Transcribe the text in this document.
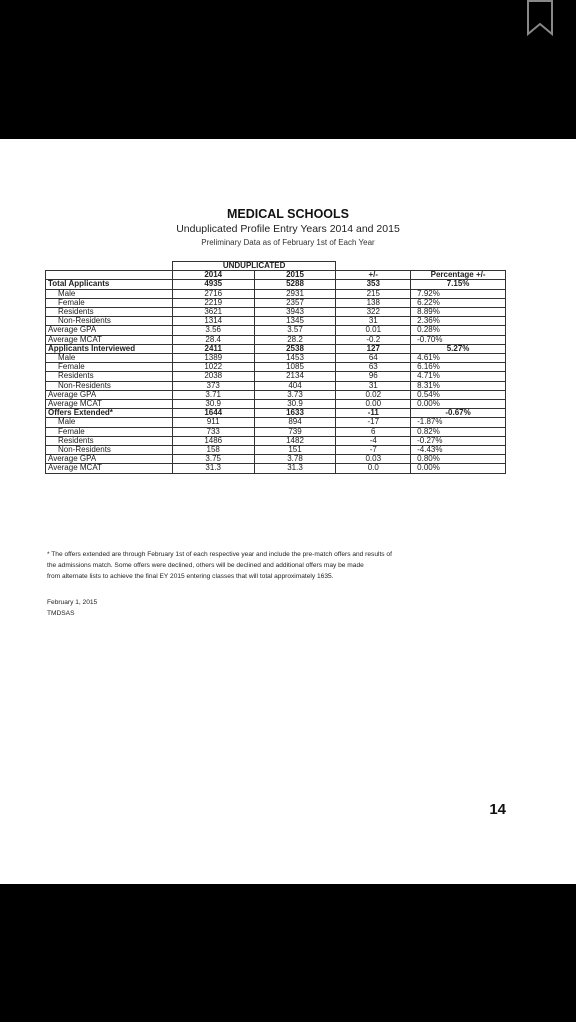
MEDICAL SCHOOLS
Unduplicated Profile Entry Years 2014 and 2015
Preliminary Data as of February 1st of Each Year
	UNDUPLICATED			
	2014	2015	+/-	Percentage +/-
Total Applicants	4935	5288	353	7.15%
Male	2716	2931	215	7.92%
Female	2219	2357	138	6.22%
Residents	3621	3943	322	8.89%
Non-Residents	1314	1345	31	2.36%
Average GPA	3.56	3.57	0.01	0.28%
Average MCAT	28.4	28.2	-0.2	-0.70%
Applicants Interviewed	2411	2538	127	5.27%
Male	1389	1453	64	4.61%
Female	1022	1085	63	6.16%
Residents	2038	2134	96	4.71%
Non-Residents	373	404	31	8.31%
Average GPA	3.71	3.73	0.02	0.54%
Average MCAT	30.9	30.9	0.00	0.00%
Offers Extended*	1644	1633	-11	-0.67%
Male	911	894	-17	-1.87%
Female	733	739	6	0.82%
Residents	1486	1482	-4	-0.27%
Non-Residents	158	151	-7	-4.43%
Average GPA	3.75	3.78	0.03	0.80%
Average MCAT	31.3	31.3	0.0	0.00%

* The offers extended are through February 1st of each respective year and include the pre-match offers and results of

the admissions match. Some offers were declined, others will be declined and additional offers may be made

from alternate lists to achieve the final EY 2015 entering classes that will total approximately 1635.

February 1, 2015
TMDSAS
14
